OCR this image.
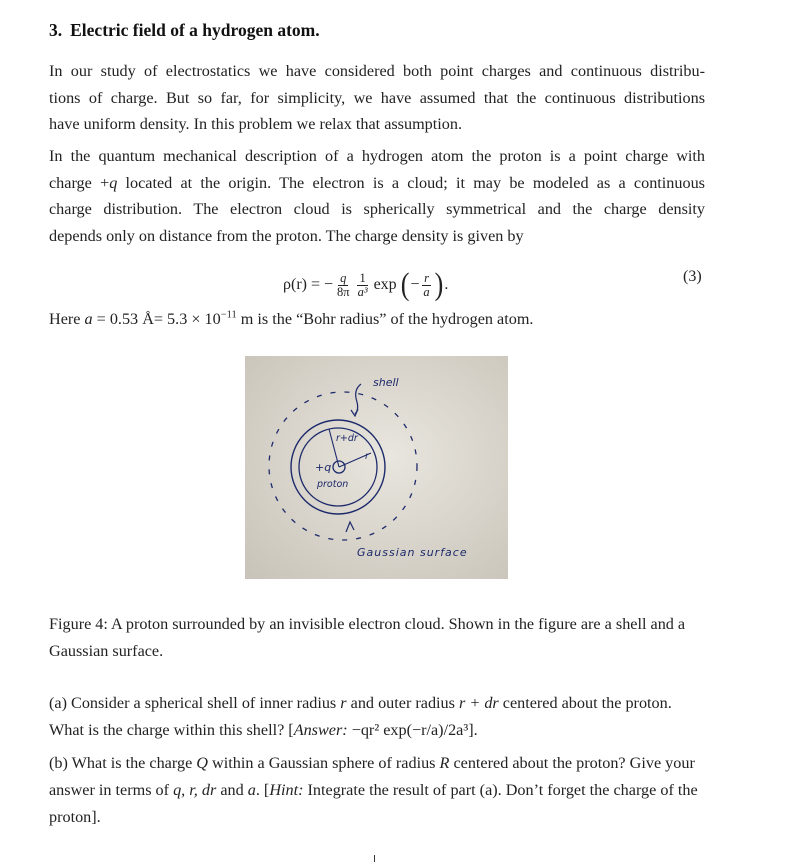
3. Electric field of a hydrogen atom.

In our study of electrostatics we have considered both point charges and continuous distribu-
tions of charge. But so far, for simplicity, we have assumed that the continuous distributions
have uniform density. In this problem we relax that assumption.

In the quantum mechanical description of a hydrogen atom the proton is a point charge with
charge +q located at the origin. The electron is a cloud; it may be modeled as a continuous
charge distribution. The electron cloud is spherically symmetrical and the charge density
depends only on distance from the proton. The charge density is given by

ρ(r) = − $\frac{q}{8\pi} \frac{1}{\text{a³}}$ exp ( − $\frac{r}{a}$ ) .	(3)
Here a = 0.53 Å= $5.3 \times 10^{-11}$ m is the “Bohr radius” of the hydrogen atom.
shell
r+dr
r
+q
proton
Gaussian surface

Figure 4: A proton surrounded by an invisible electron cloud. Shown in the figure are a shell and a Gaussian surface.

(a) Consider a spherical shell of inner radius r and outer radius r + dr centered about the proton. What is the charge within this shell? [Answer: −qr² exp(−r/a)/2a³].

(b) What is the charge Q within a Gaussian sphere of radius R centered about the proton? Give your answer in terms of q, r, dr and a. [Hint: Integrate the result of part (a). Don’t forget the charge of the proton].
